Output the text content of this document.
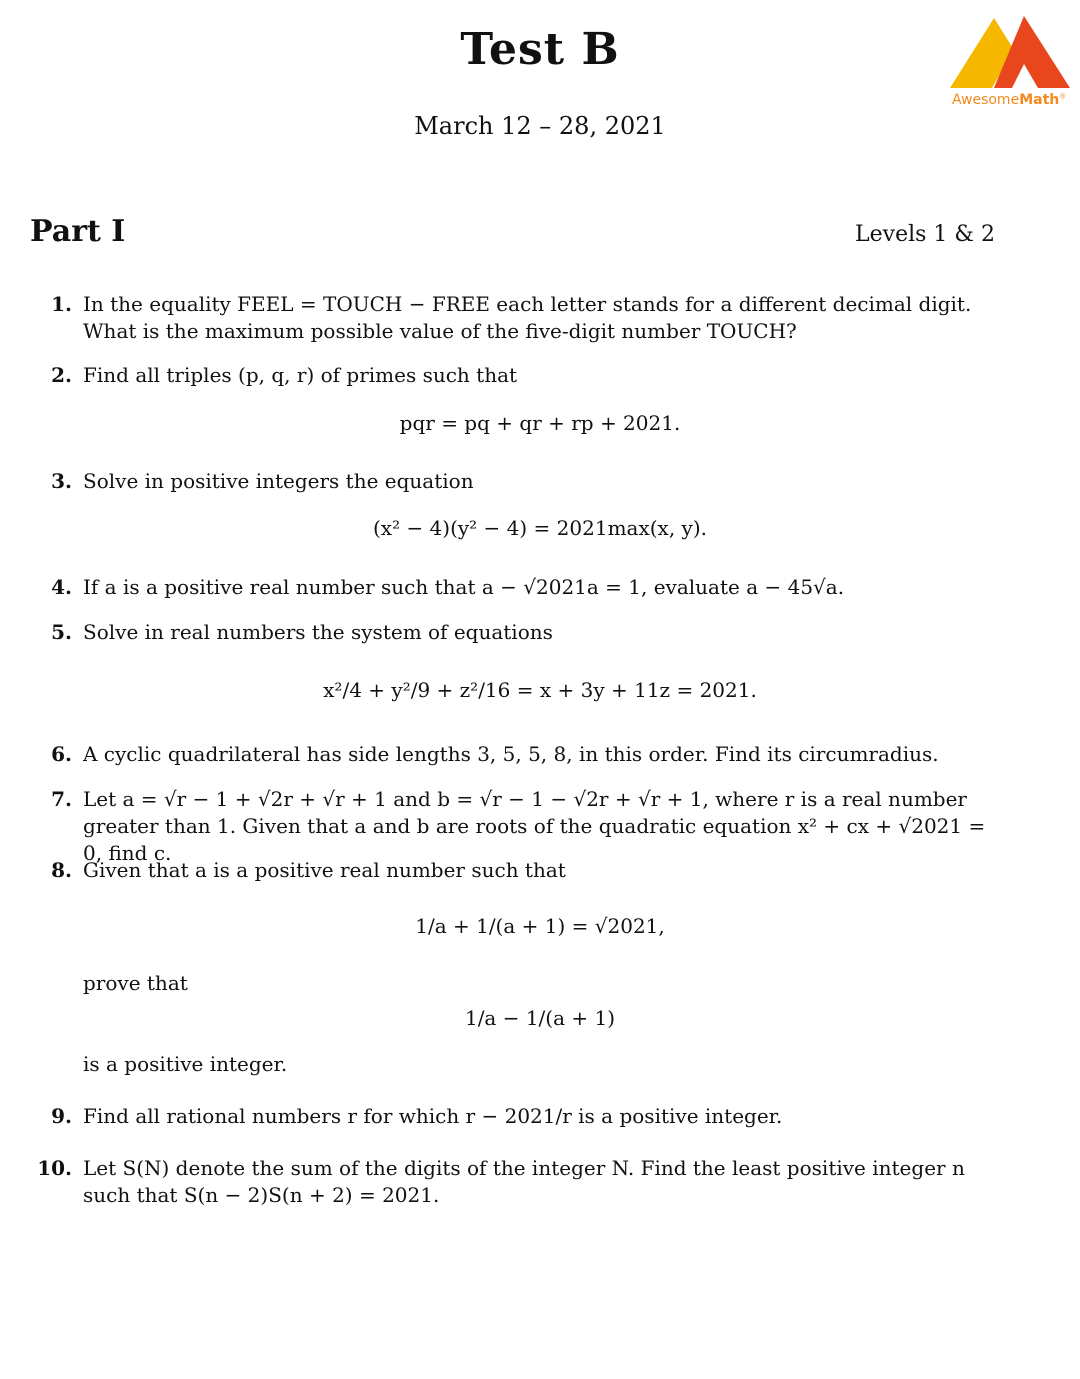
Test B
March 12 – 28, 2021
AwesomeMath®
Part I	Levels 1 & 2
1. In the equality FEEL = TOUCH − FREE each letter stands for a different decimal digit. What is the maximum possible value of the five-digit number TOUCH?
2. Find all triples (p, q, r) of primes such that
pqr = pq + qr + rp + 2021.
3. Solve in positive integers the equation
(x² − 4)(y² − 4) = 2021max(x, y).
4. If a is a positive real number such that a − √2021a = 1, evaluate a − 45√a.
5. Solve in real numbers the system of equations
x²/4 + y²/9 + z²/16 = x + 3y + 11z = 2021.
6. A cyclic quadrilateral has side lengths 3, 5, 5, 8, in this order. Find its circumradius.
7. Let a = √r − 1 + √2r + √r + 1 and b = √r − 1 − √2r + √r + 1, where r is a real number greater than 1. Given that a and b are roots of the quadratic equation x² + cx + √2021 = 0, find c.
8. Given that a is a positive real number such that
1/a + 1/(a + 1) = √2021,
prove that
1/a − 1/(a + 1)
is a positive integer.
9. Find all rational numbers r for which r − 2021/r is a positive integer.
10. Let S(N) denote the sum of the digits of the integer N. Find the least positive integer n such that S(n − 2)S(n + 2) = 2021.
